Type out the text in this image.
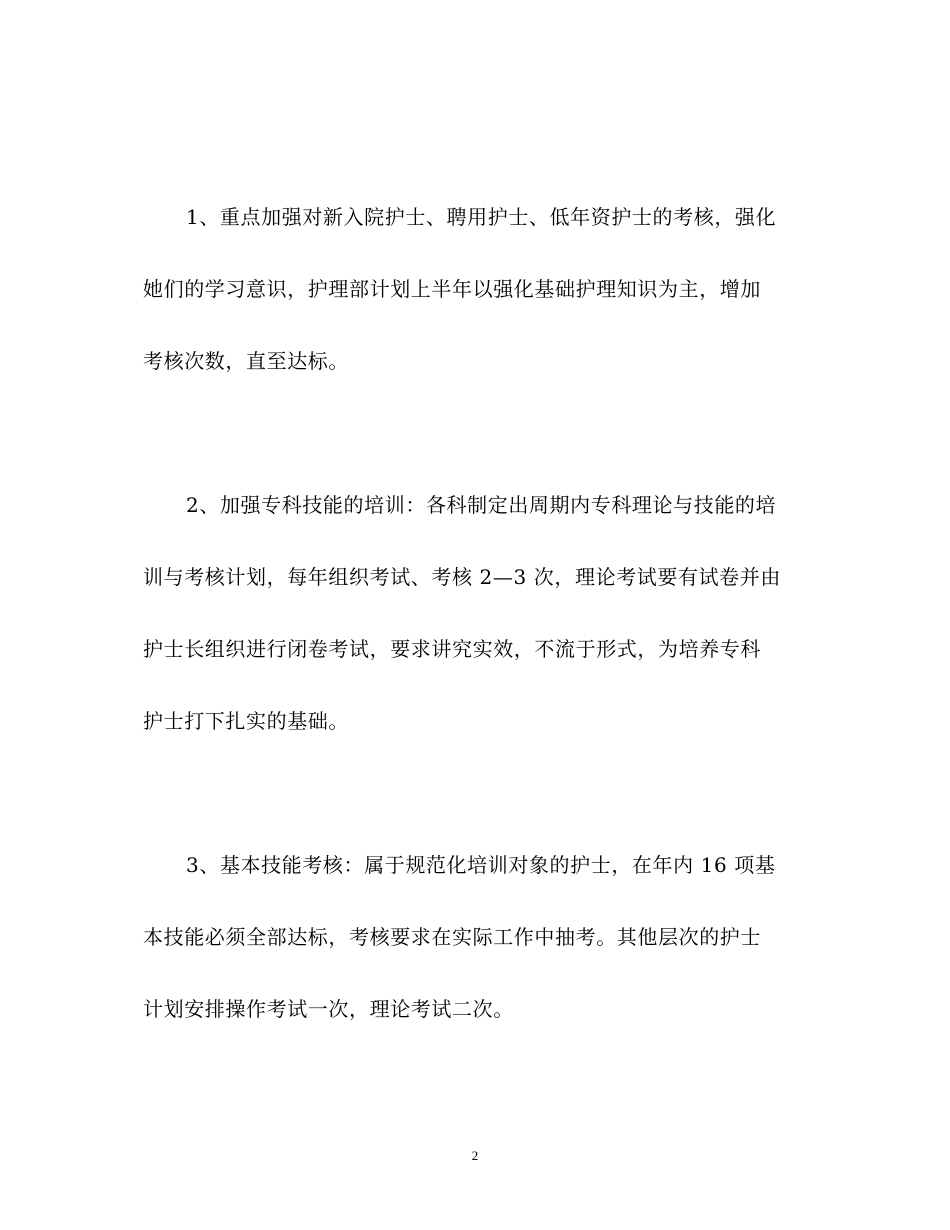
1、重点加强对新入院护士、聘用护士、低年资护士的考核，强化
她们的学习意识，护理部计划上半年以强化基础护理知识为主，增加
考核次数，直至达标。
2、加强专科技能的培训：各科制定出周期内专科理论与技能的培
训与考核计划，每年组织考试、考核 2—3 次，理论考试要有试卷并由
护士长组织进行闭卷考试，要求讲究实效，不流于形式，为培养专科
护士打下扎实的基础。
3、基本技能考核：属于规范化培训对象的护士，在年内 16 项基
本技能必须全部达标，考核要求在实际工作中抽考。其他层次的护士
计划安排操作考试一次，理论考试二次。
2
